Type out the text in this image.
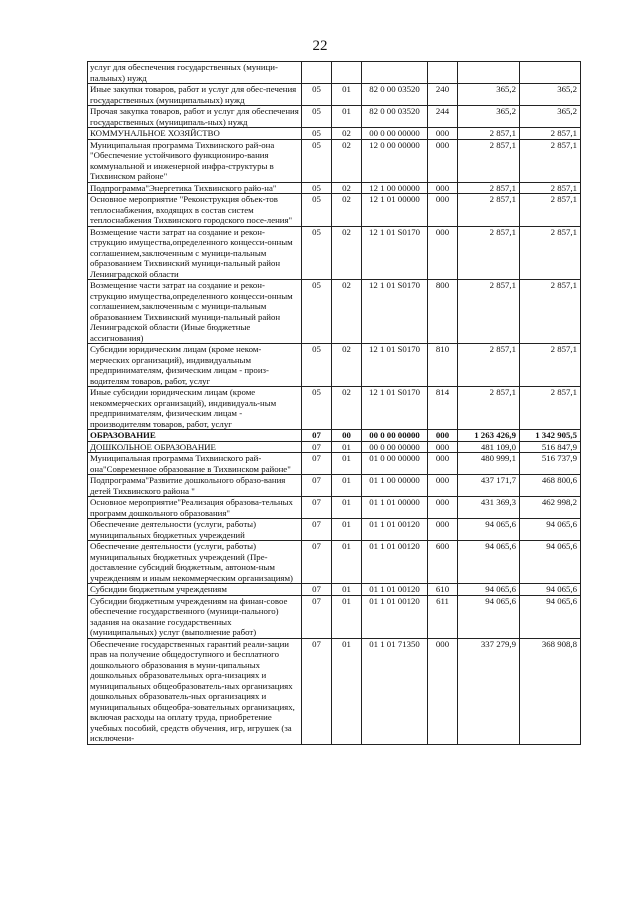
22
услуг для обеспечения государственных (муници-пальных) нужд						
Иные закупки товаров, работ и услуг для обес-печения государственных (муниципальных) нужд	05	01	82 0 00 03520	240	365,2	365,2
Прочая закупка товаров, работ и услуг для обеспечения государственных (муниципаль-ных) нужд	05	01	82 0 00 03520	244	365,2	365,2
КОММУНАЛЬНОЕ ХОЗЯЙСТВО	05	02	00 0 00 00000	000	2 857,1	2 857,1
Муниципальная программа Тихвинского рай-она "Обеспечение устойчивого функциониро-вания коммунальной и инженерной инфра-структуры в Тихвинском районе"	05	02	12 0 00 00000	000	2 857,1	2 857,1
Подпрограмма"Энергетика Тихвинского райо-на"	05	02	12 1 00 00000	000	2 857,1	2 857,1
Основное мероприятие "Реконструкция объек-тов теплоснабжения, входящих в состав систем теплоснабжения Тихвинского городского посе-ления"	05	02	12 1 01 00000	000	2 857,1	2 857,1
Возмещение части затрат на создание и рекон-струкцию имущества,определенного концесси-онным соглашением,заключенным с муници-пальным образованием Тихвинский муници-пальный район Ленинградской области	05	02	12 1 01 S0170	000	2 857,1	2 857,1
Возмещение части затрат на создание и рекон-струкцию имущества,определенного концесси-онным соглашением,заключенным с муници-пальным образованием Тихвинский муници-пальный район Ленинградской области (Иные бюджетные ассигнования)	05	02	12 1 01 S0170	800	2 857,1	2 857,1
Субсидии юридическим лицам (кроме неком-мерческих организаций), индивидуальным предпринимателям, физическим лицам - произ-водителям товаров, работ, услуг	05	02	12 1 01 S0170	810	2 857,1	2 857,1
Иные субсидии юридическим лицам (кроме некоммерческих организаций), индивидуаль-ным предпринимателям, физическим лицам - производителям товаров, работ, услуг	05	02	12 1 01 S0170	814	2 857,1	2 857,1
ОБРАЗОВАНИЕ	07	00	00 0 00 00000	000	1 263 426,9	1 342 905,5
ДОШКОЛЬНОЕ ОБРАЗОВАНИЕ	07	01	00 0 00 00000	000	481 109,0	516 847,9
Муниципальная программа Тихвинского рай-она"Современное образование в Тихвинском районе"	07	01	01 0 00 00000	000	480 999,1	516 737,9
Подпрограмма"Развитие дошкольного образо-вания детей Тихвинского района "	07	01	01 1 00 00000	000	437 171,7	468 800,6
Основное мероприятие"Реализация образова-тельных программ дошкольного образования"	07	01	01 1 01 00000	000	431 369,3	462 998,2
Обеспечение деятельности (услуги, работы) муниципальных бюджетных учреждений	07	01	01 1 01 00120	000	94 065,6	94 065,6
Обеспечение деятельности (услуги, работы) муниципальных бюджетных учреждений (Пре-доставление субсидий бюджетным, автоном-ным учреждениям и иным некоммерческим организациям)	07	01	01 1 01 00120	600	94 065,6	94 065,6
Субсидии бюджетным учреждениям	07	01	01 1 01 00120	610	94 065,6	94 065,6
Субсидии бюджетным учреждениям на финан-совое обеспечение государственного (муници-пального) задания на оказание государственных (муниципальных) услуг (выполнение работ)	07	01	01 1 01 00120	611	94 065,6	94 065,6
Обеспечение государственных гарантий реали-зации прав на получение общедоступного и бесплатного дошкольного образования в муни-ципальных дошкольных образовательных орга-низациях и муниципальных общеобразователь-ных организациях дошкольных образователь-ных организациях и муниципальных общеобра-зовательных организациях, включая расходы на оплату труда, приобретение учебных пособий, средств обучения, игр, игрушек (за исключени-	07	01	01 1 01 71350	000	337 279,9	368 908,8
